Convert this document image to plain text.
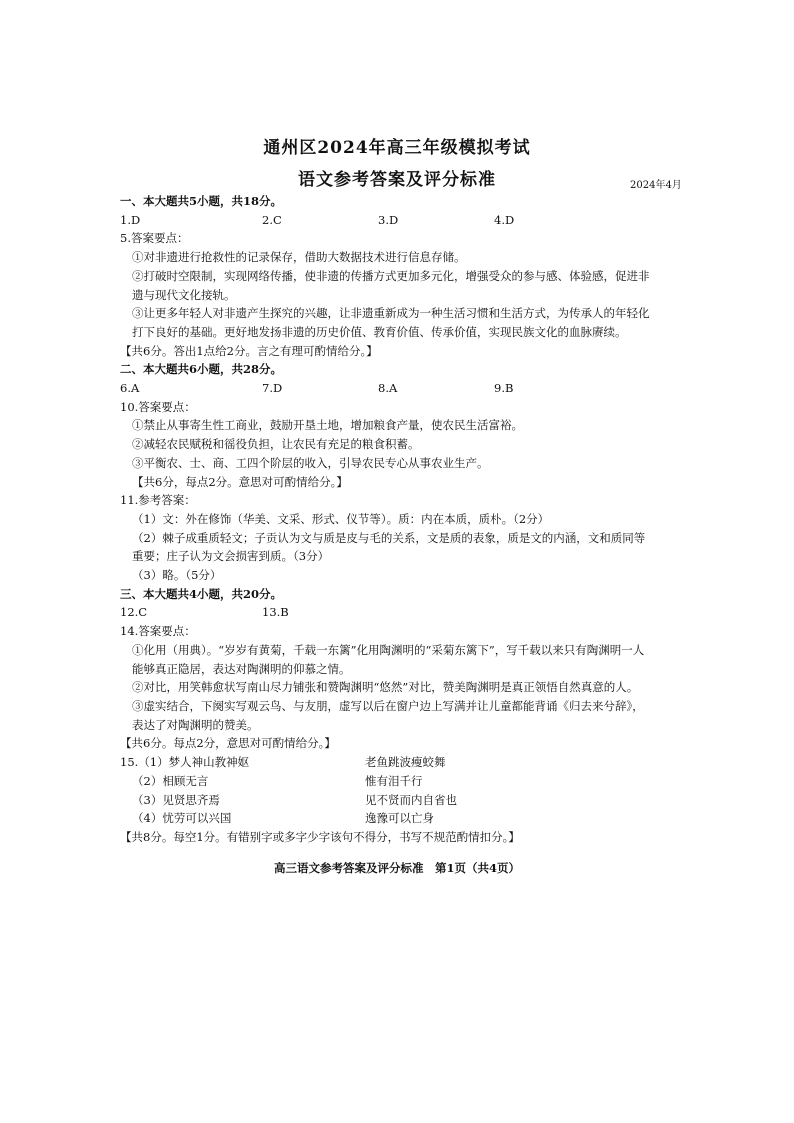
通州区2024年高三年级模拟考试
语文参考答案及评分标准	2024年4月
一、本大题共5小题，共18分。
1.D	2.C	3.D	4.D
5.答案要点：
①对非遗进行抢救性的记录保存，借助大数据技术进行信息存储。
②打破时空限制，实现网络传播，使非遗的传播方式更加多元化，增强受众的参与感、体验感，促进非遗与现代文化接轨。
③让更多年轻人对非遗产生探究的兴趣，让非遗重新成为一种生活习惯和生活方式，为传承人的年轻化打下良好的基础。更好地发扬非遗的历史价值、教育价值、传承价值，实现民族文化的血脉赓续。
【共6分。答出1点给2分。言之有理可酌情给分。】
二、本大题共6小题，共28分。
6.A	7.D	8.A	9.B
10.答案要点：
①禁止从事寄生性工商业，鼓励开垦土地，增加粮食产量，使农民生活富裕。
②减轻农民赋税和徭役负担，让农民有充足的粮食积蓄。
③平衡农、士、商、工四个阶层的收入，引导农民专心从事农业生产。
【共6分，每点2分。意思对可酌情给分。】
11.参考答案：
（1）文：外在修饰（华美、文采、形式、仪节等）。质：内在本质，质朴。（2分）
（2）棘子成重质轻文；子贡认为文与质是皮与毛的关系，文是质的表象，质是文的内涵，文和质同等重要；庄子认为文会损害到质。（3分）
（3）略。（5分）
三、本大题共4小题，共20分。
12.C	13.B
14.答案要点：
①化用（用典）。“岁岁有黄菊，千载一东篱”化用陶渊明的“采菊东篱下”，写千载以来只有陶渊明一人能够真正隐居，表达对陶渊明的仰慕之情。
②对比，用笑韩愈状写南山尽力铺张和赞陶渊明“悠然”对比，赞美陶渊明是真正领悟自然真意的人。
③虚实结合，下阕实写观云鸟、与友朋，虚写以后在窗户边上写满并让儿童都能背诵《归去来兮辞》，表达了对陶渊明的赞美。
【共6分。每点2分，意思对可酌情给分。】
15.（1）梦人神山教神妪	老鱼跳波瘦蛟舞
（2）相顾无言	惟有泪千行
（3）见贤思齐焉	见不贤而内自省也
（4）忧劳可以兴国	逸豫可以亡身
【共8分。每空1分。有错别字或多字少字该句不得分，书写不规范酌情扣分。】
高三语文参考答案及评分标准　第1页（共4页）
